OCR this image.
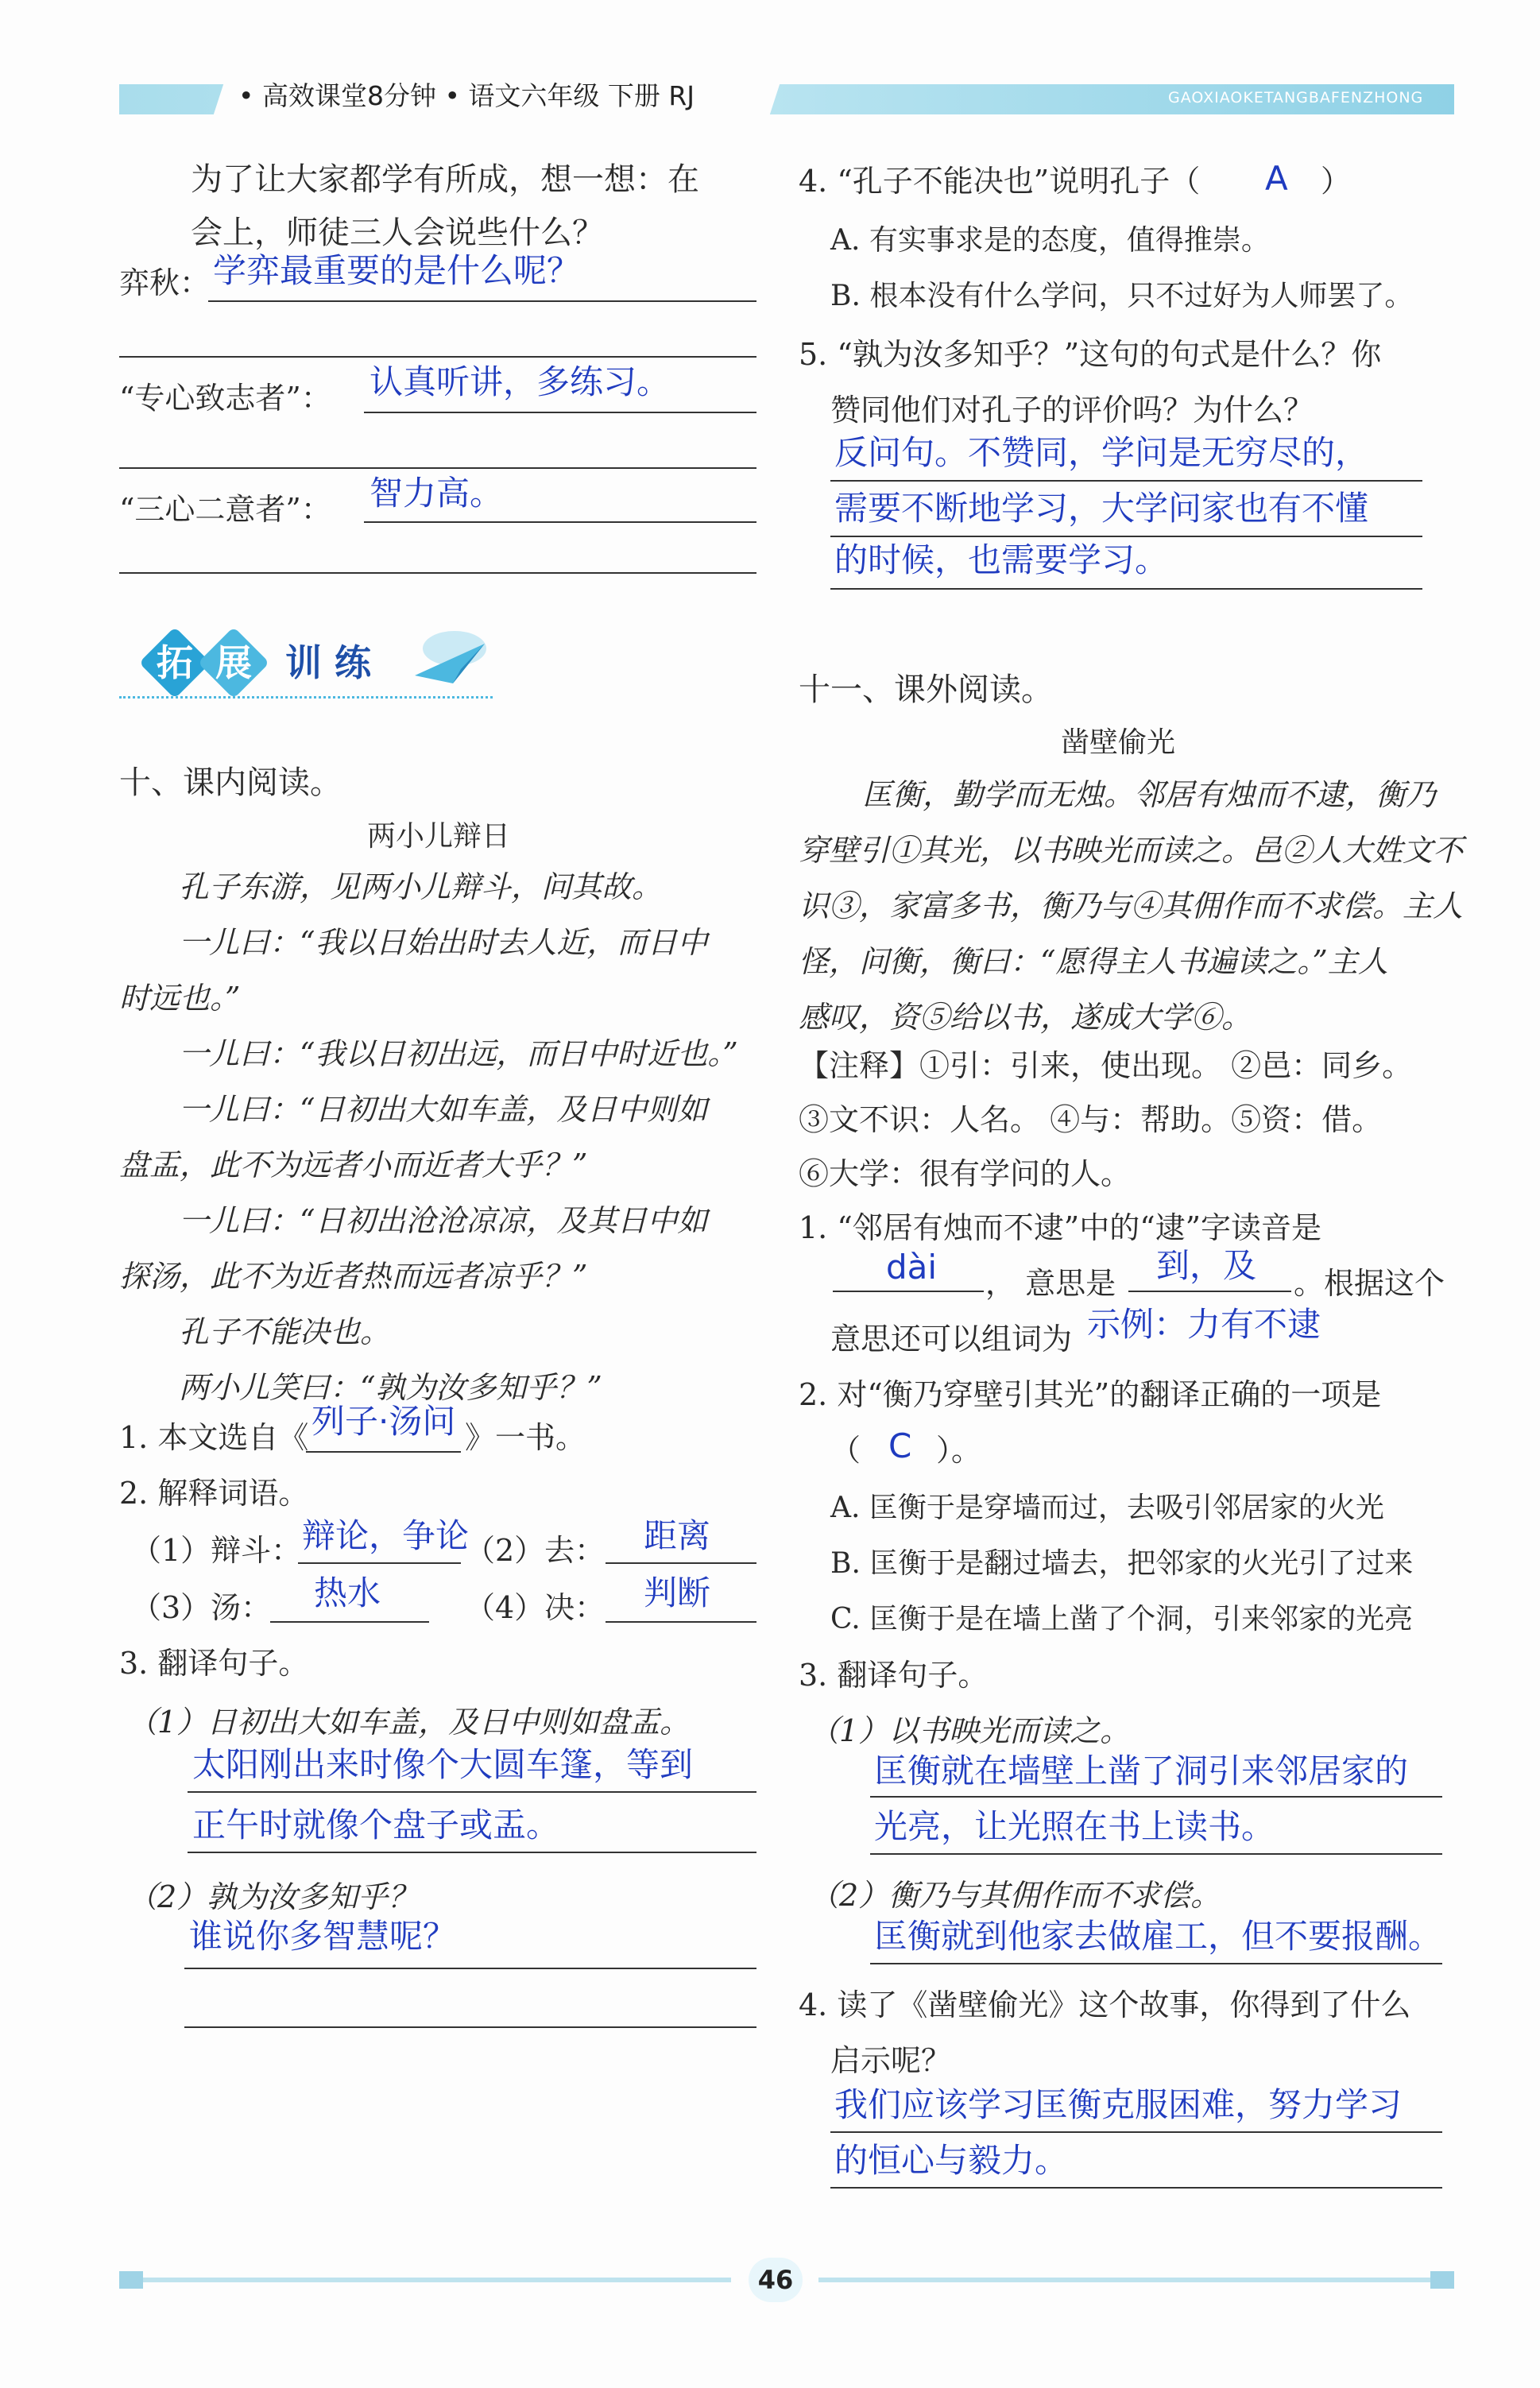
• 高效课堂8分钟 • 语文六年级 下册 RJ	GAOXIAOKETANGBAFENZHONG
为了让大家都学有所成，想一想：在
会上，师徒三人会说些什么？
弈秋： 学弈最重要的是什么呢？
“专心致志者”： 认真听讲，多练习。
“三心二意者”： 智力高。
拓 展 训 练
十、课内阅读。
两小儿辩日
孔子东游，见两小儿辩斗，问其故。
一儿曰：“我以日始出时去人近，而日中
时远也。”
一儿曰：“我以日初出远，而日中时近也。”
一儿曰：“日初出大如车盖，及日中则如
盘盂，此不为远者小而近者大乎？”
一儿曰：“日初出沧沧凉凉，及其日中如
探汤，此不为近者热而远者凉乎？”
孔子不能决也。
两小儿笑曰：“孰为汝多知乎？”
1. 本文选自《 列子·汤问 》一书。
2. 解释词语。
（1）辩斗： 辩论，争论
（2）去： 距离
（3）汤： 热水	（4）决： 判断
3. 翻译句子。
（1）日初出大如车盖，及日中则如盘盂。
太阳刚出来时像个大圆车篷，等到
正午时就像个盘子或盂。
（2）孰为汝多知乎？
谁说你多智慧呢？
4. “孔子不能决也”说明孔子（ A ）
A. 有实事求是的态度，值得推崇。
B. 根本没有什么学问，只不过好为人师罢了。
5. “孰为汝多知乎？”这句的句式是什么？你
赞同他们对孔子的评价吗？为什么？
反问句。不赞同，学问是无穷尽的，
需要不断地学习，大学问家也有不懂
的时候，也需要学习。
十一、课外阅读。
凿壁偷光
匡衡，勤学而无烛。邻居有烛而不逮，衡乃
穿壁引①其光，以书映光而读之。邑②人大姓文不
识③，家富多书，衡乃与④其佣作而不求偿。主人
怪，问衡，衡曰：“愿得主人书遍读之。”主人
感叹，资⑤给以书，遂成大学⑥。
【注释】①引：引来，使出现。 ②邑：同乡。
③文不识：人名。 ④与：帮助。⑤资：借。
⑥大学：很有学问的人。
1. “邻居有烛而不逮”中的“逮”字读音是
dài ， 意思是 到，及 。根据这个
意思还可以组词为 示例：力有不逮
2. 对“衡乃穿壁引其光”的翻译正确的一项是
（ C ）。
A. 匡衡于是穿墙而过，去吸引邻居家的火光
B. 匡衡于是翻过墙去，把邻家的火光引了过来
C. 匡衡于是在墙上凿了个洞，引来邻家的光亮
3. 翻译句子。
（1）以书映光而读之。
匡衡就在墙壁上凿了洞引来邻居家的
光亮，让光照在书上读书。
（2）衡乃与其佣作而不求偿。
匡衡就到他家去做雇工，但不要报酬。
4. 读了《凿壁偷光》这个故事，你得到了什么
启示呢？
我们应该学习匡衡克服困难，努力学习
的恒心与毅力。
46
